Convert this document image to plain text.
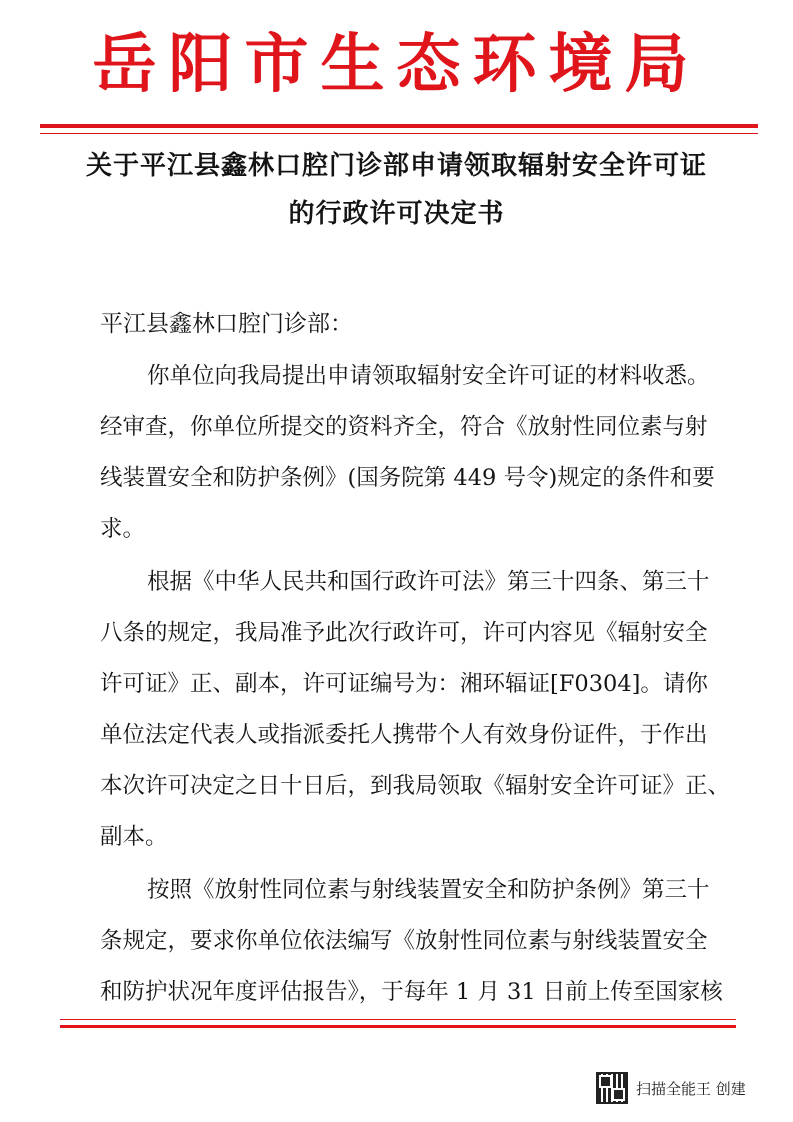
岳阳市生态环境局
关于平江县鑫林口腔门诊部申请领取辐射安全许可证
的行政许可决定书
平江县鑫林口腔门诊部：
你单位向我局提出申请领取辐射安全许可证的材料收悉。
经审查，你单位所提交的资料齐全，符合《放射性同位素与射
线装置安全和防护条例》(国务院第 449 号令)规定的条件和要
求。
根据《中华人民共和国行政许可法》第三十四条、第三十
八条的规定，我局准予此次行政许可，许可内容见《辐射安全
许可证》正、副本，许可证编号为：湘环辐证[F0304]。请你
单位法定代表人或指派委托人携带个人有效身份证件，于作出
本次许可决定之日十日后，到我局领取《辐射安全许可证》正、
副本。
按照《放射性同位素与射线装置安全和防护条例》第三十
条规定，要求你单位依法编写《放射性同位素与射线装置安全
和防护状况年度评估报告》，于每年 1 月 31 日前上传至国家核
扫描全能王 创建
